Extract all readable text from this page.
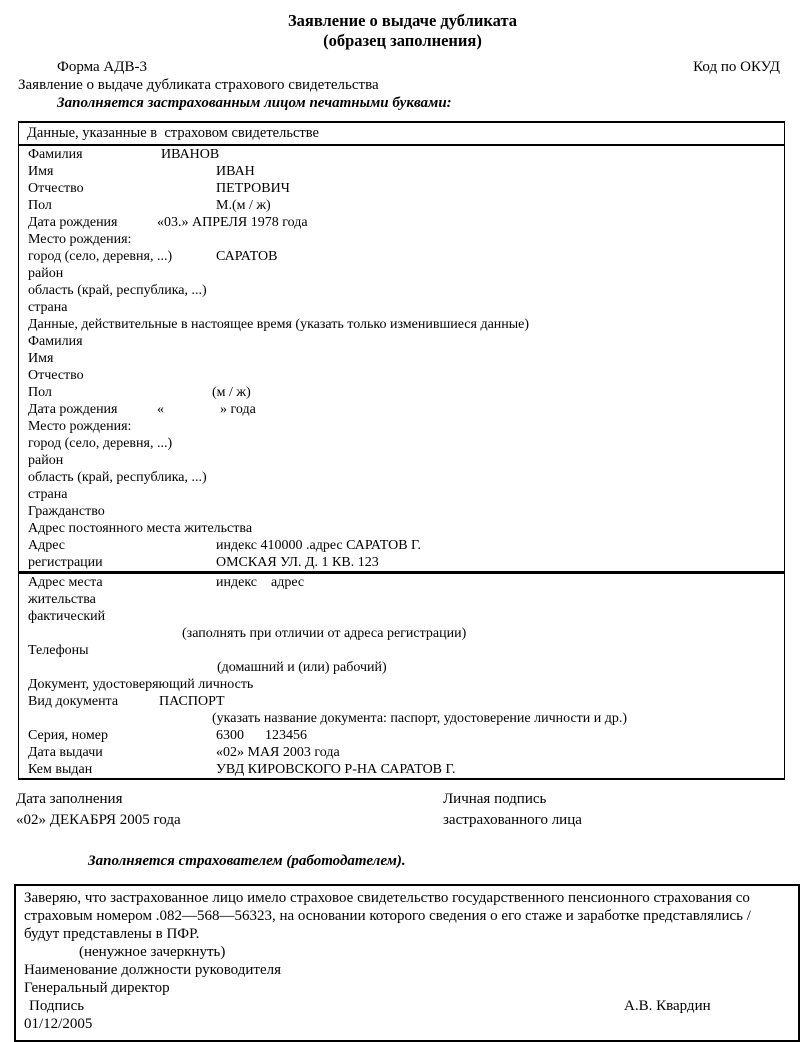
Заявление о выдаче дубликата
(образец заполнения)
Форма АДВ-3	Код по ОКУД
Заявление о выдаче дубликата страхового свидетельства
Заполняется застрахованным лицом печатными буквами:
Данные, указанные в  страховом свидетельстве
Фамилия	ИВАНОВ
Имя	ИВАН
Отчество	ПЕТРОВИЧ
Пол	М.(м / ж)
Дата рождения	«03.» АПРЕЛЯ 1978 года
Место рождения:
город (село, деревня, ...)	САРАТОВ
район
область (край, республика, ...)
страна
Данные, действительные в настоящее время (указать только изменившиеся данные)
Фамилия
Имя
Отчество
Пол	(м / ж)
Дата рождения	«                » года
Место рождения:
город (село, деревня, ...)
район
область (край, республика, ...)
страна
Гражданство
Адрес постоянного места жительства
Адрес	индекс 410000 .адрес САРАТОВ Г.
регистрации	ОМСКАЯ УЛ. Д. 1 КВ. 123
Адрес места	индекс    адрес
жительства
фактический
(заполнять при отличии от адреса регистрации)
Телефоны
(домашний и (или) рабочий)
Документ, удостоверяющий личность
Вид документа	ПАСПОРТ
(указать название документа: паспорт, удостоверение личности и др.)
Серия, номер	6300      123456
Дата выдачи	«02» МАЯ 2003 года
Кем выдан	УВД КИРОВСКОГО Р-НА САРАТОВ Г.
Дата заполнения
«02» ДЕКАБРЯ 2005 года
Личная подпись
застрахованного лица
Заполняется страхователем (работодателем).
Заверяю, что застрахованное лицо имело страховое свидетельство государственного пенсионного страхования со страховым номером .082—568—56323, на основании которого сведения о его стаже и заработке представлялись / будут представлены в ПФР.
(ненужное зачеркнуть)
Наименование должности руководителя
Генеральный директор
Подпись	А.В. Квардин
01/12/2005
